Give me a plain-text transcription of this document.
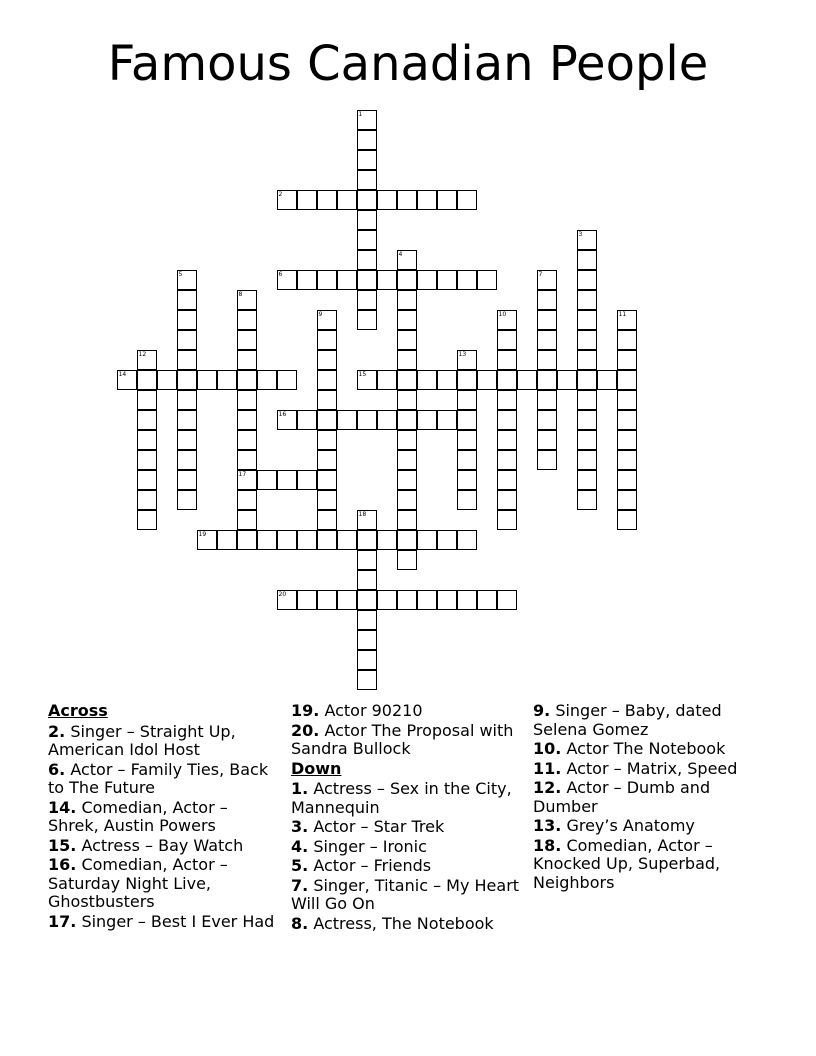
Famous Canadian People
1
2
3
4
5	6	7
8
17
9	10	11
12	13
14	15
16
18
19
20
Across
2. Singer – Straight Up, American Idol Host
6. Actor – Family Ties, Back to The Future
14. Comedian, Actor – Shrek, Austin Powers
15. Actress – Bay Watch
16. Comedian, Actor – Saturday Night Live, Ghostbusters
17. Singer – Best I Ever Had
19. Actor 90210
20. Actor The Proposal with Sandra Bullock
Down
1. Actress – Sex in the City, Mannequin
3. Actor – Star Trek
4. Singer – Ironic
5. Actor – Friends
7. Singer, Titanic – My Heart Will Go On
8. Actress, The Notebook
9. Singer – Baby, dated Selena Gomez
10. Actor The Notebook
11. Actor – Matrix, Speed
12. Actor – Dumb and Dumber
13. Grey’s Anatomy
18. Comedian, Actor – Knocked Up, Superbad, Neighbors
